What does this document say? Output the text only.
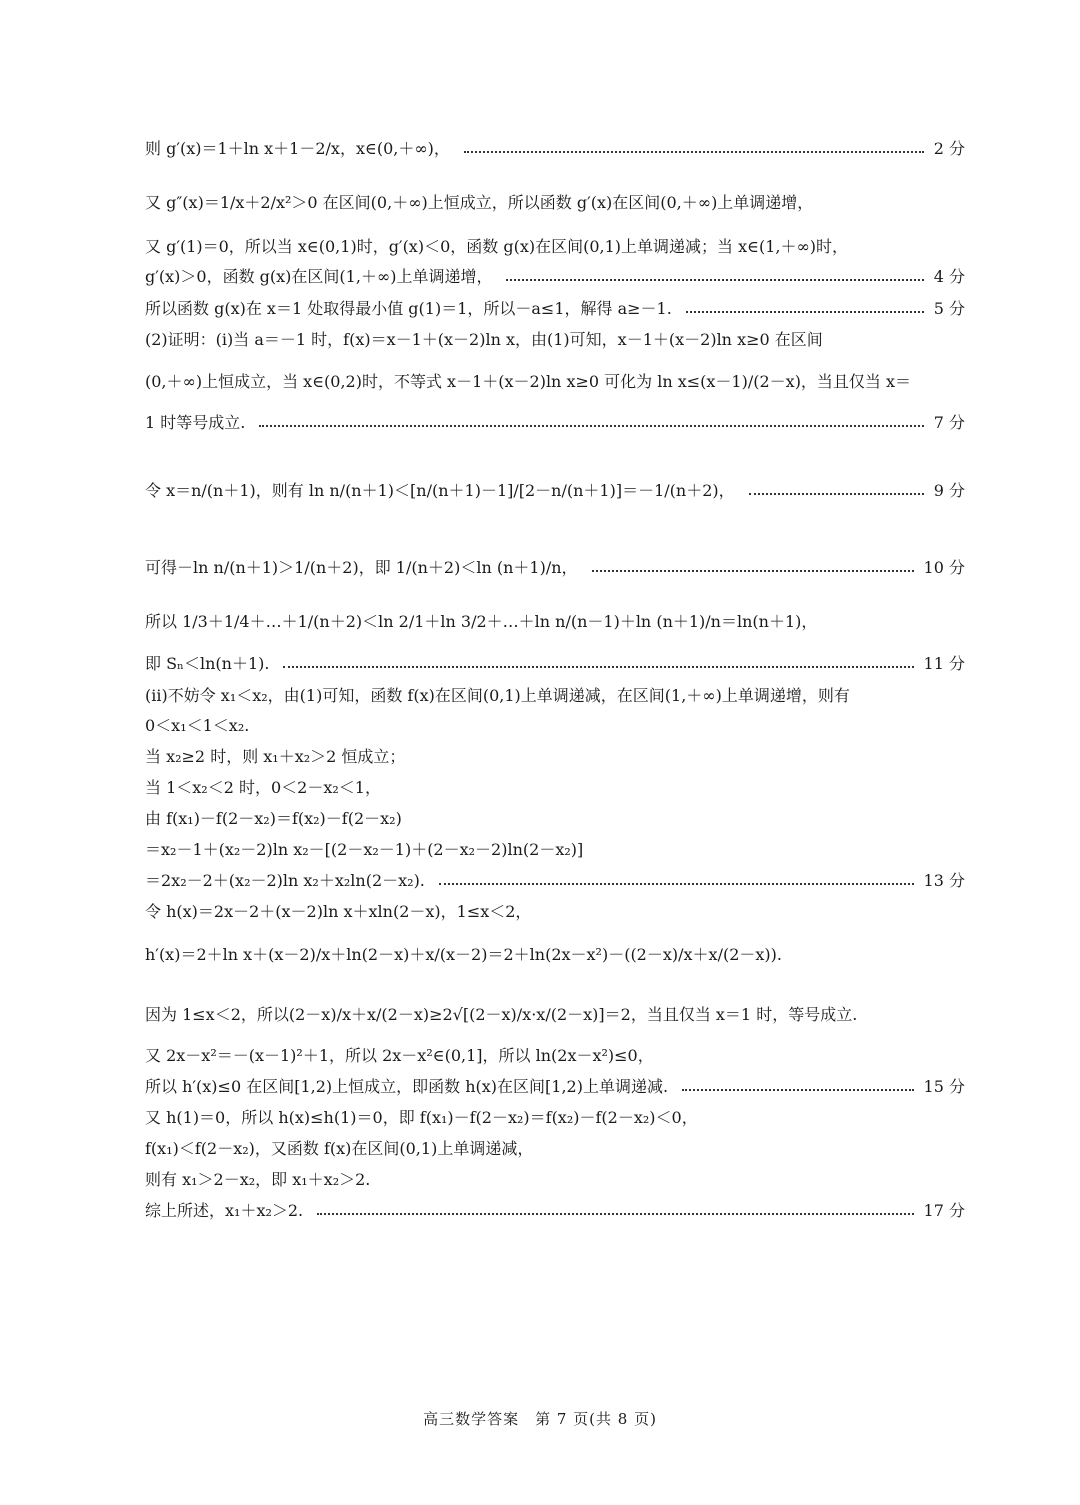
则 g′(x)＝1＋ln x＋1－2/x，x∈(0,＋∞)，	2 分
又 g″(x)＝1/x＋2/x²＞0 在区间(0,＋∞)上恒成立，所以函数 g′(x)在区间(0,＋∞)上单调递增，
又 g′(1)＝0，所以当 x∈(0,1)时，g′(x)＜0，函数 g(x)在区间(0,1)上单调递减；当 x∈(1,＋∞)时，
g′(x)＞0，函数 g(x)在区间(1,＋∞)上单调递增，	4 分
所以函数 g(x)在 x＝1 处取得最小值 g(1)＝1，所以－a≤1，解得 a≥－1.	5 分
(2)证明：(i)当 a＝－1 时，f(x)＝x－1＋(x－2)ln x，由(1)可知，x－1＋(x－2)ln x≥0 在区间
(0,＋∞)上恒成立，当 x∈(0,2)时，不等式 x－1＋(x－2)ln x≥0 可化为 ln x≤(x－1)/(2－x)，当且仅当 x＝
1 时等号成立.	7 分
令 x＝n/(n＋1)，则有 ln n/(n＋1)＜[n/(n＋1)－1]/[2－n/(n＋1)]＝－1/(n＋2)，	9 分
可得－ln n/(n＋1)＞1/(n＋2)，即 1/(n＋2)＜ln (n＋1)/n，	10 分
所以 1/3＋1/4＋…＋1/(n＋2)＜ln 2/1＋ln 3/2＋…＋ln n/(n－1)＋ln (n＋1)/n＝ln(n＋1)，
即 Sₙ＜ln(n＋1).	11 分
(ii)不妨令 x₁＜x₂，由(1)可知，函数 f(x)在区间(0,1)上单调递减，在区间(1,＋∞)上单调递增，则有
0＜x₁＜1＜x₂.
当 x₂≥2 时，则 x₁＋x₂＞2 恒成立；
当 1＜x₂＜2 时，0＜2－x₂＜1，
由 f(x₁)－f(2－x₂)＝f(x₂)－f(2－x₂)
＝x₂－1＋(x₂－2)ln x₂－[(2－x₂－1)＋(2－x₂－2)ln(2－x₂)]
＝2x₂－2＋(x₂－2)ln x₂＋x₂ln(2－x₂).	13 分
令 h(x)＝2x－2＋(x－2)ln x＋xln(2－x)，1≤x＜2，
h′(x)＝2＋ln x＋(x－2)/x＋ln(2－x)＋x/(x－2)＝2＋ln(2x－x²)－((2－x)/x＋x/(2－x)).
因为 1≤x＜2，所以(2－x)/x＋x/(2－x)≥2√[(2－x)/x·x/(2－x)]＝2，当且仅当 x＝1 时，等号成立.
又 2x－x²＝－(x－1)²＋1，所以 2x－x²∈(0,1]，所以 ln(2x－x²)≤0，
所以 h′(x)≤0 在区间[1,2)上恒成立，即函数 h(x)在区间[1,2)上单调递减.	15 分
又 h(1)＝0，所以 h(x)≤h(1)＝0，即 f(x₁)－f(2－x₂)＝f(x₂)－f(2－x₂)＜0，
f(x₁)＜f(2－x₂)，又函数 f(x)在区间(0,1)上单调递减，
则有 x₁＞2－x₂，即 x₁＋x₂＞2.
综上所述，x₁＋x₂＞2.	17 分
高三数学答案　第 7 页(共 8 页)
